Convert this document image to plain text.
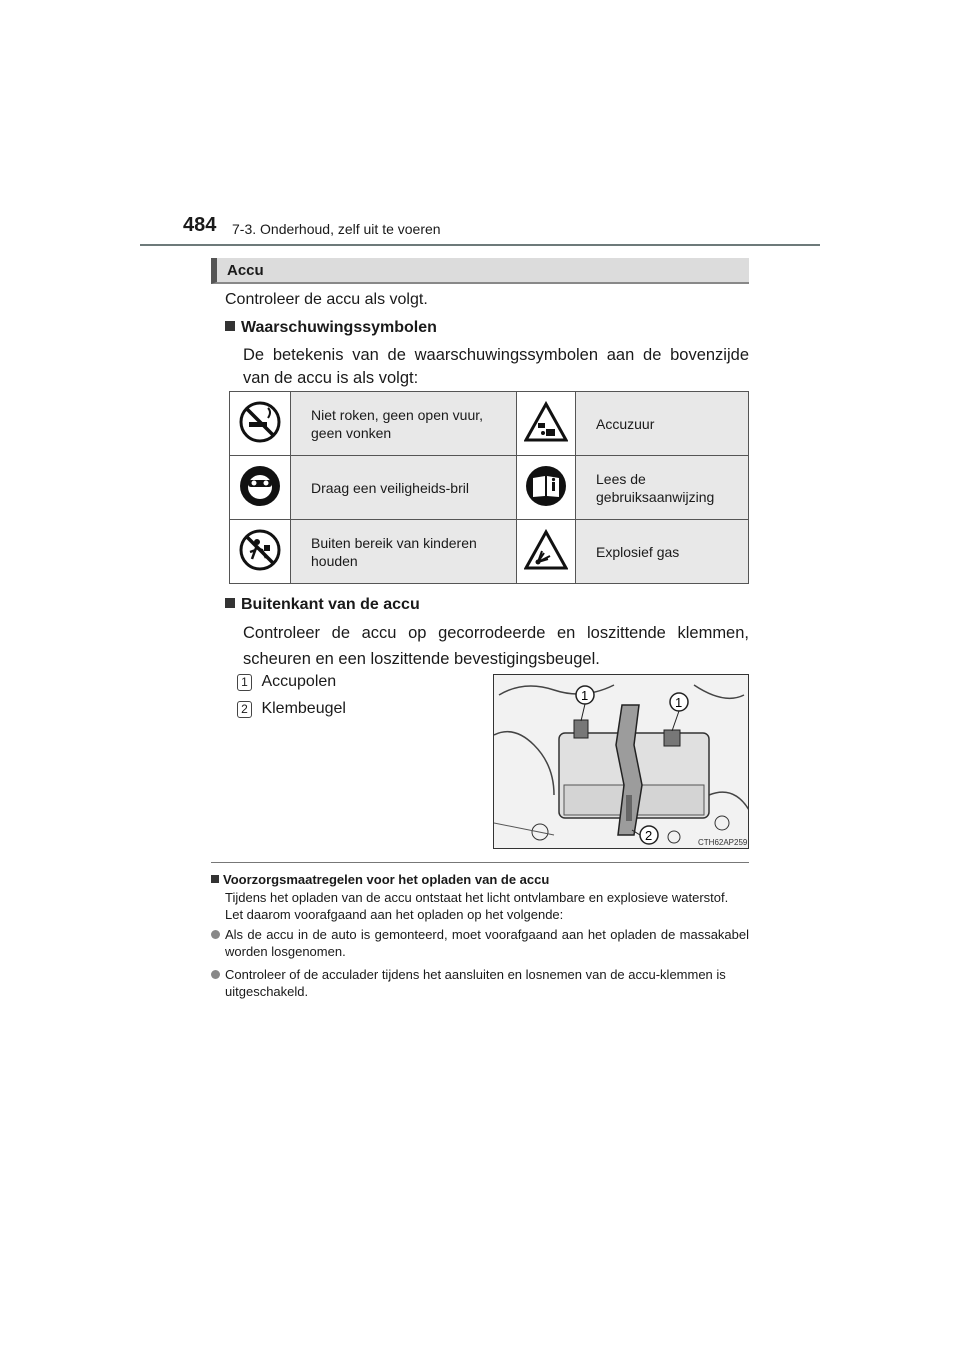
484 7-3. Onderhoud, zelf uit te voeren
Accu
Controleer de accu als volgt.
Waarschuwingssymbolen
De betekenis van de waarschuwingssymbolen aan de bovenzijde van de accu is als volgt:
	Niet roken, geen open vuur, geen vonken		Accuzuur
	Draag een veiligheids-bril		Lees de gebruiksaanwijzing
	Buiten bereik van kinderen houden		Explosief gas
Buitenkant van de accu
Controleer de accu op gecorrodeerde en loszittende klemmen, scheuren en een loszittende bevestigingsbeugel.
1 Accupolen
2 Klembeugel
1	1
2	CTH62AP259
Voorzorgsmaatregelen voor het opladen van de accu
Tijdens het opladen van de accu ontstaat het licht ontvlambare en explosieve waterstof. Let daarom voorafgaand aan het opladen op het volgende:
Als de accu in de auto is gemonteerd, moet voorafgaand aan het opladen de massakabel worden losgenomen.
Controleer of de acculader tijdens het aansluiten en losnemen van de accu-klemmen is uitgeschakeld.
